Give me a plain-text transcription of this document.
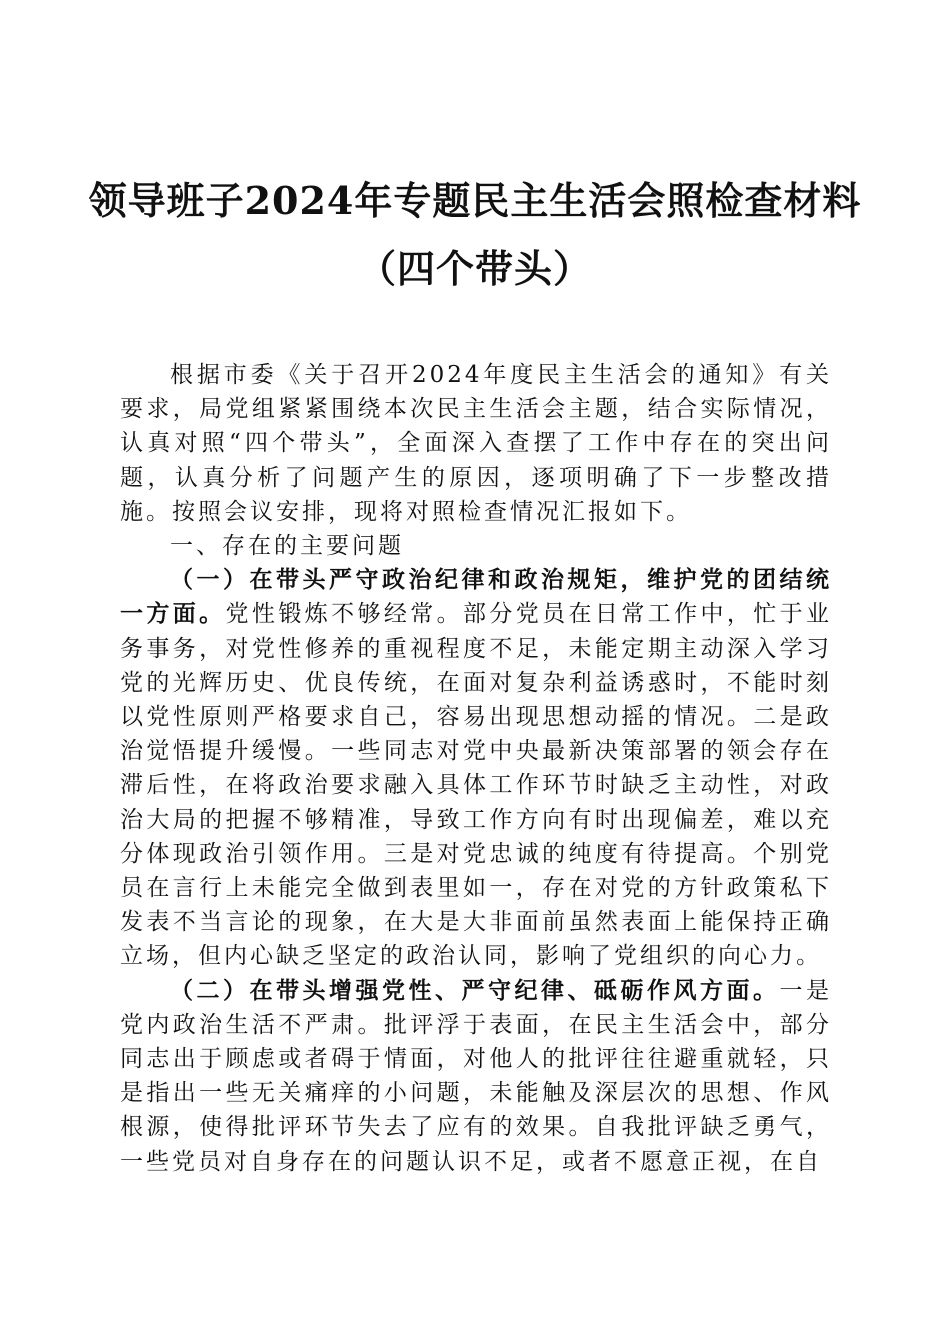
领导班子2024年专题民主生活会照检查材料
（四个带头）

根据市委《关于召开2024年度民主生活会的通知》有关要求，局党组紧紧围绕本次民主生活会主题，结合实际情况，认真对照“四个带头”，全面深入查摆了工作中存在的突出问题，认真分析了问题产生的原因，逐项明确了下一步整改措施。按照会议安排，现将对照检查情况汇报如下。

一、存在的主要问题

（一）在带头严守政治纪律和政治规矩，维护党的团结统一方面。党性锻炼不够经常。部分党员在日常工作中，忙于业务事务，对党性修养的重视程度不足，未能定期主动深入学习党的光辉历史、优良传统，在面对复杂利益诱惑时，不能时刻以党性原则严格要求自己，容易出现思想动摇的情况。二是政治觉悟提升缓慢。一些同志对党中央最新决策部署的领会存在滞后性，在将政治要求融入具体工作环节时缺乏主动性，对政治大局的把握不够精准，导致工作方向有时出现偏差，难以充分体现政治引领作用。三是对党忠诚的纯度有待提高。个别党员在言行上未能完全做到表里如一，存在对党的方针政策私下发表不当言论的现象，在大是大非面前虽然表面上能保持正确立场，但内心缺乏坚定的政治认同，影响了党组织的向心力。

（二）在带头增强党性、严守纪律、砥砺作风方面。一是党内政治生活不严肃。批评浮于表面，在民主生活会中，部分同志出于顾虑或者碍于情面，对他人的批评往往避重就轻，只是指出一些无关痛痒的小问题，未能触及深层次的思想、作风根源，使得批评环节失去了应有的效果。自我批评缺乏勇气，一些党员对自身存在的问题认识不足，或者不愿意正视，在自
